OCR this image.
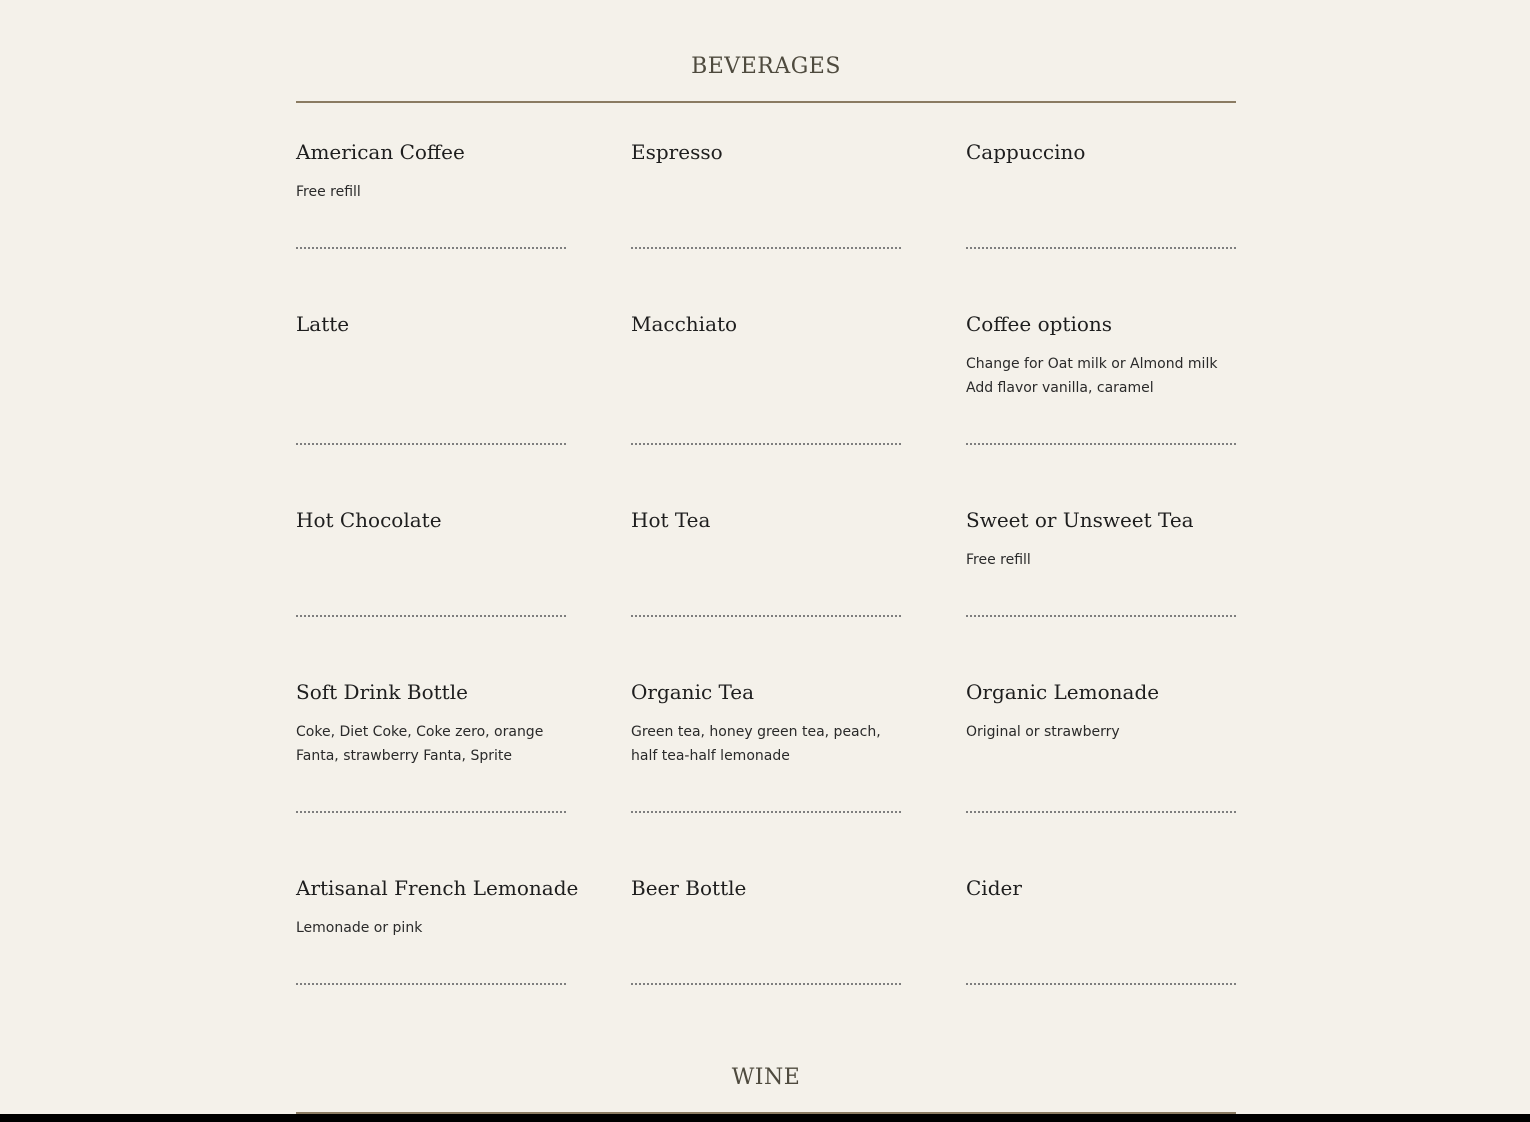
BEVERAGES
American Coffee
Free refill
Espresso	Cappuccino
Latte	Macchiato	Coffee options
Change for Oat milk or Almond milk
Add flavor vanilla, caramel
Hot Chocolate	Hot Tea	Sweet or Unsweet Tea
Free refill
Soft Drink Bottle
Coke, Diet Coke, Coke zero, orange
Fanta, strawberry Fanta, Sprite
Organic Tea
Green tea, honey green tea, peach,
half tea-half lemonade
Organic Lemonade
Original or strawberry
Artisanal French Lemonade
Lemonade or pink
Beer Bottle	Cider
WINE
